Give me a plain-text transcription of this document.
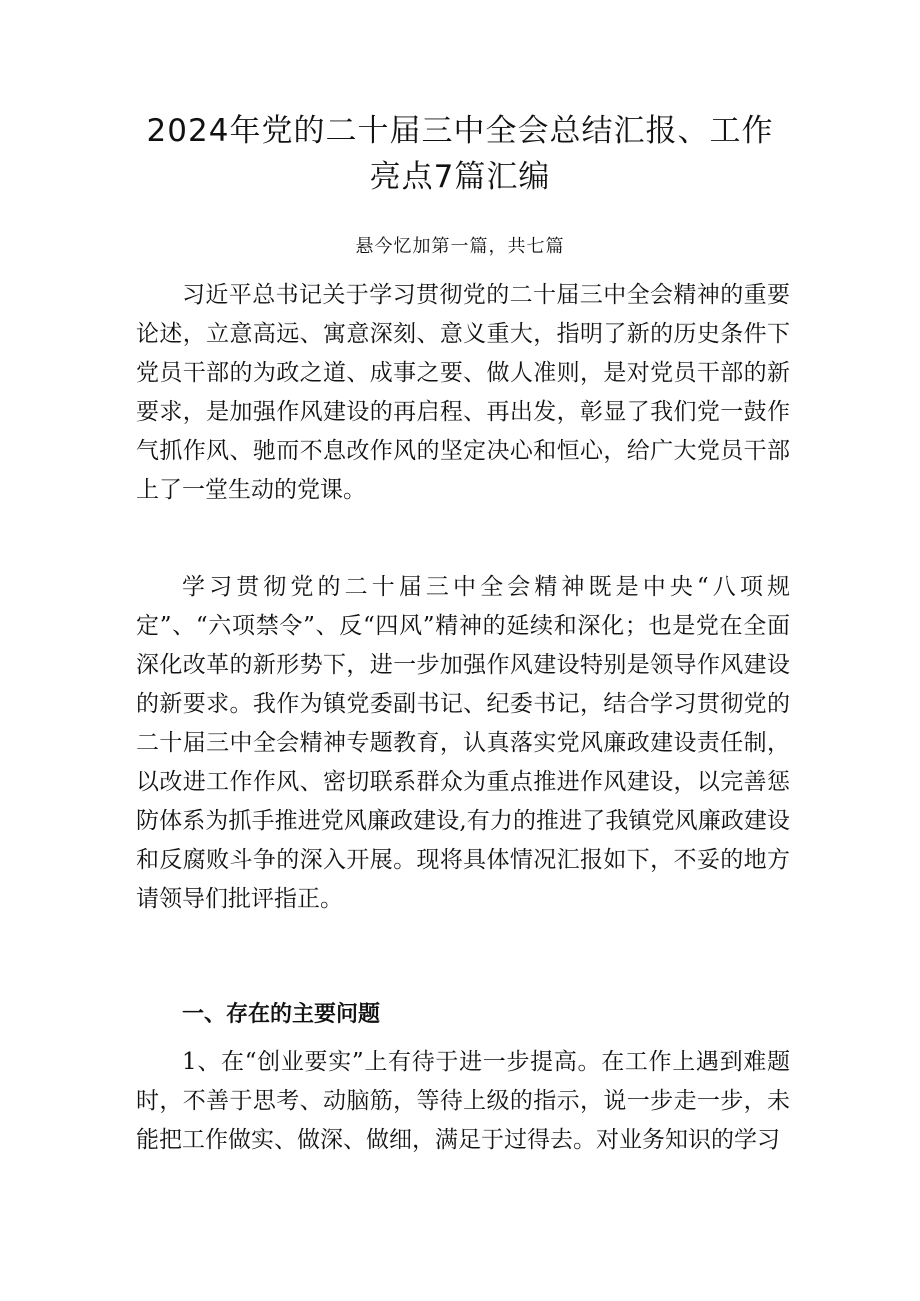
2024年党的二十届三中全会总结汇报、工作
亮点7篇汇编
悬今忆加第一篇，共七篇

习近平总书记关于学习贯彻党的二十届三中全会精神的重要论述，立意高远、寓意深刻、意义重大，指明了新的历史条件下党员干部的为政之道、成事之要、做人准则，是对党员干部的新要求，是加强作风建设的再启程、再出发，彰显了我们党一鼓作气抓作风、驰而不息改作风的坚定决心和恒心，给广大党员干部上了一堂生动的党课。

学习贯彻党的二十届三中全会精神既是中央“八项规定”、“六项禁令”、反“四风”精神的延续和深化；也是党在全面深化改革的新形势下，进一步加强作风建设特别是领导作风建设的新要求。我作为镇党委副书记、纪委书记，结合学习贯彻党的二十届三中全会精神专题教育，认真落实党风廉政建设责任制，以改进工作作风、密切联系群众为重点推进作风建设，以完善惩防体系为抓手推进党风廉政建设,有力的推进了我镇党风廉政建设和反腐败斗争的深入开展。现将具体情况汇报如下，不妥的地方请领导们批评指正。

一、存在的主要问题

1、在“创业要实”上有待于进一步提高。在工作上遇到难题时，不善于思考、动脑筋，等待上级的指示，说一步走一步，未能把工作做实、做深、做细，满足于过得去。对业务知识的学习
